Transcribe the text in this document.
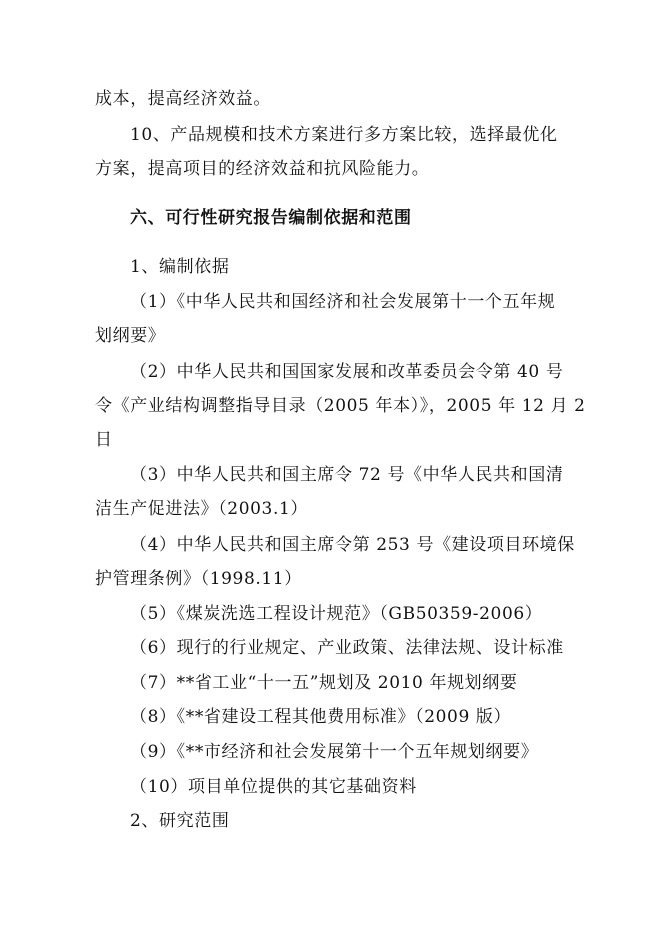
成本，提高经济效益。
10、产品规模和技术方案进行多方案比较，选择最优化
方案，提高项目的经济效益和抗风险能力。
六、可行性研究报告编制依据和范围
1、编制依据
（1）《中华人民共和国经济和社会发展第十一个五年规
划纲要》
（2）中华人民共和国国家发展和改革委员会令第 40 号
令《产业结构调整指导目录（2005 年本）》，2005 年 12 月 2
日
（3）中华人民共和国主席令 72 号《中华人民共和国清
洁生产促进法》（2003.1）
（4）中华人民共和国主席令第 253 号《建设项目环境保
护管理条例》（1998.11）
（5）《煤炭洗选工程设计规范》（GB50359-2006）
（6）现行的行业规定、产业政策、法律法规、设计标准
（7）**省工业“十一五”规划及 2010 年规划纲要
（8）《**省建设工程其他费用标准》（2009 版）
（9）《**市经济和社会发展第十一个五年规划纲要》
（10）项目单位提供的其它基础资料
2、研究范围
